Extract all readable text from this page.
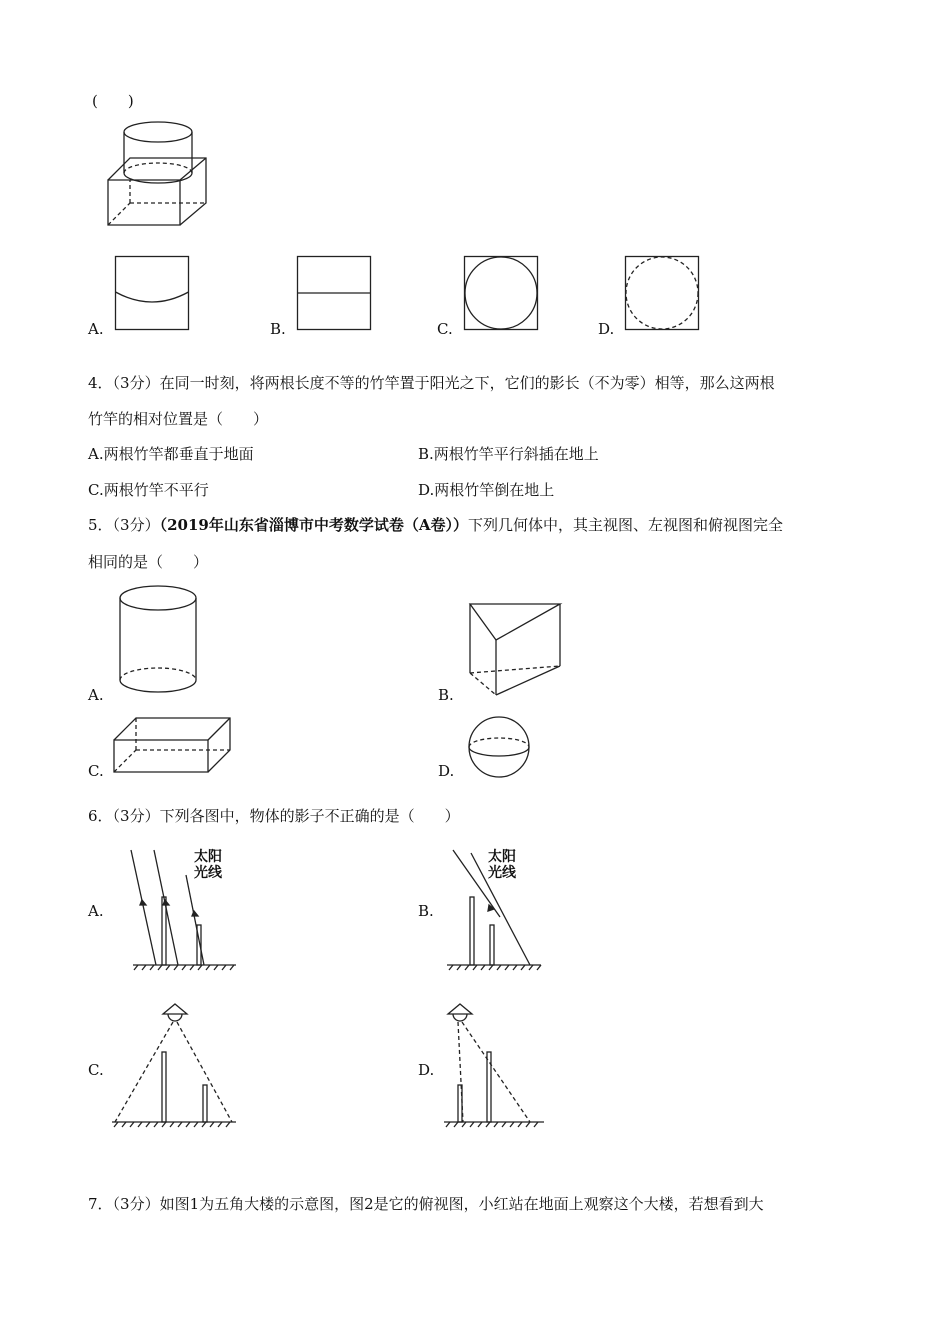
(　　)
A.	B.	C.	D.
4．（3分）在同一时刻，将两根长度不等的竹竿置于阳光之下，它们的影长（不为零）相等，那么这两根
竹竿的相对位置是（　　）
A.两根竹竿都垂直于地面	B.两根竹竿平行斜插在地上
C.两根竹竿不平行	D.两根竹竿倒在地上
5．（3分）（2019年山东省淄博市中考数学试卷（A卷））下列几何体中，其主视图、左视图和俯视图完全
相同的是（　　）
A.	B.
C.	D.
6．（3分）下列各图中，物体的影子不正确的是（　　）
A.
太阳
光线
B.
太阳
光线
C.	D.
7．（3分）如图1为五角大楼的示意图，图2是它的俯视图，小红站在地面上观察这个大楼，若想看到大
